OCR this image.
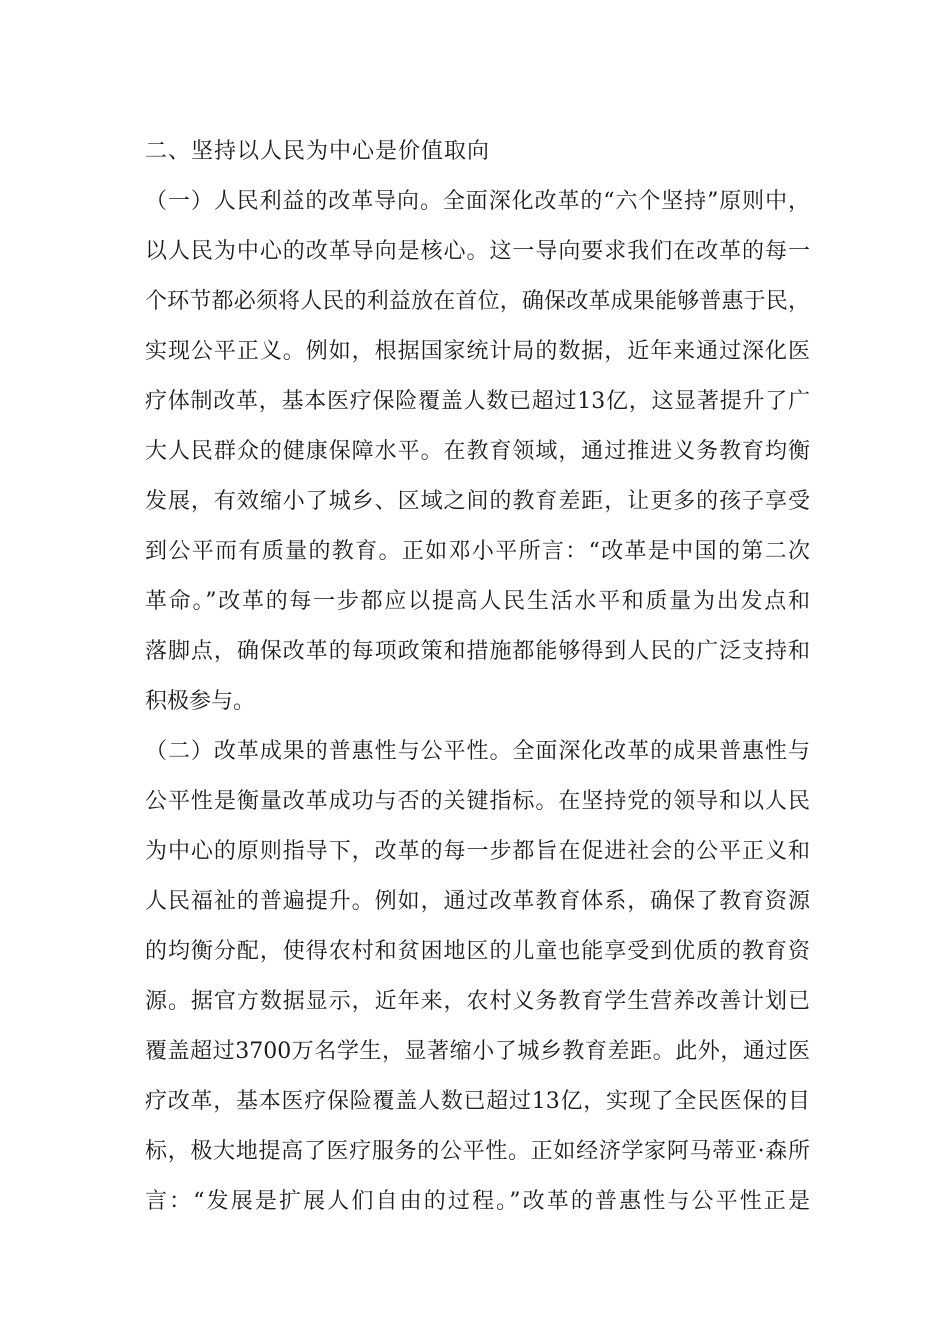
二、坚持以人民为中心是价值取向
（一）人民利益的改革导向。全面深化改革的“六个坚持”原则中，
以人民为中心的改革导向是核心。这一导向要求我们在改革的每一
个环节都必须将人民的利益放在首位，确保改革成果能够普惠于民，
实现公平正义。例如，根据国家统计局的数据，近年来通过深化医
疗体制改革，基本医疗保险覆盖人数已超过13亿，这显著提升了广
大人民群众的健康保障水平。在教育领域，通过推进义务教育均衡
发展，有效缩小了城乡、区域之间的教育差距，让更多的孩子享受
到公平而有质量的教育。正如邓小平所言：“改革是中国的第二次
革命。”改革的每一步都应以提高人民生活水平和质量为出发点和
落脚点，确保改革的每项政策和措施都能够得到人民的广泛支持和
积极参与。
（二）改革成果的普惠性与公平性。全面深化改革的成果普惠性与
公平性是衡量改革成功与否的关键指标。在坚持党的领导和以人民
为中心的原则指导下，改革的每一步都旨在促进社会的公平正义和
人民福祉的普遍提升。例如，通过改革教育体系，确保了教育资源
的均衡分配，使得农村和贫困地区的儿童也能享受到优质的教育资
源。据官方数据显示，近年来，农村义务教育学生营养改善计划已
覆盖超过3700万名学生，显著缩小了城乡教育差距。此外，通过医
疗改革，基本医疗保险覆盖人数已超过13亿，实现了全民医保的目
标，极大地提高了医疗服务的公平性。正如经济学家阿马蒂亚·森所
言：“发展是扩展人们自由的过程。”改革的普惠性与公平性正是
